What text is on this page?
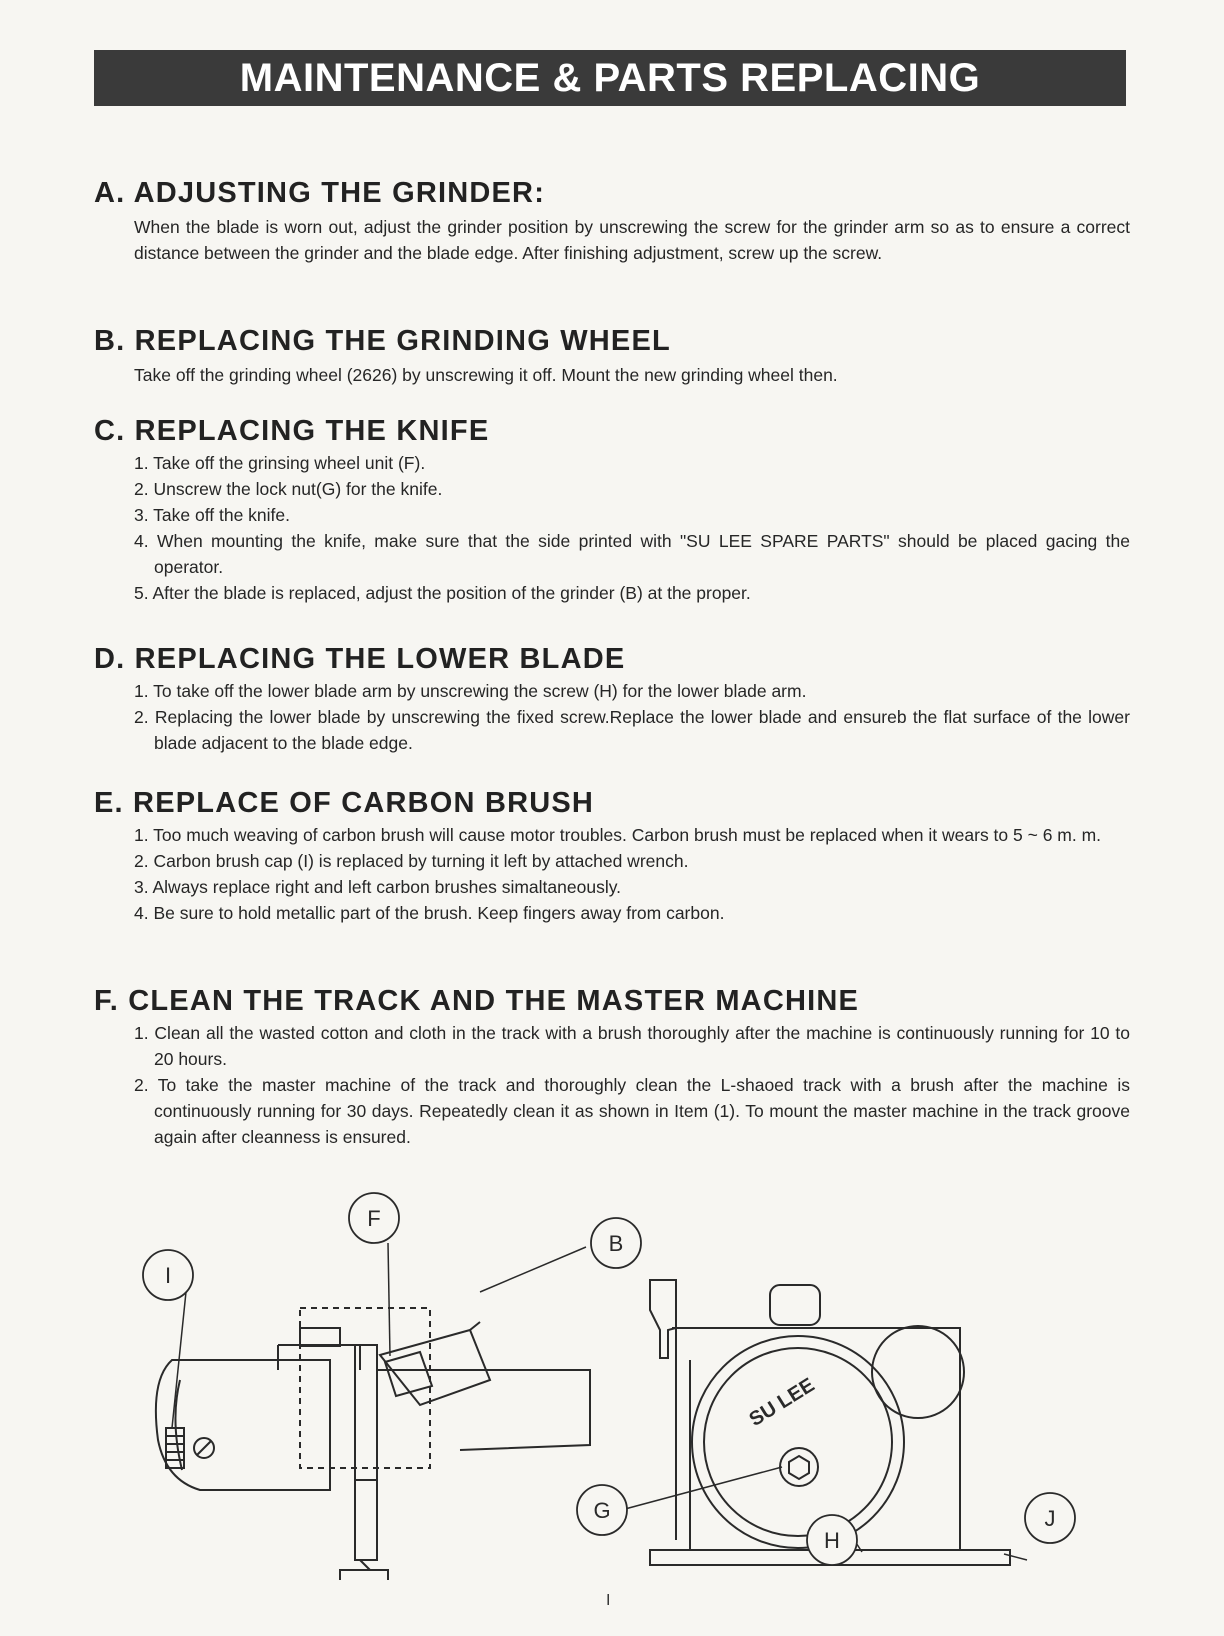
MAINTENANCE & PARTS REPLACING
A. ADJUSTING THE GRINDER:

When the blade is worn out, adjust the grinder position by unscrewing the screw for the grinder arm so as to ensure a correct distance between the grinder and the blade edge. After finishing adjustment, screw up the screw.

B. REPLACING THE GRINDING WHEEL

Take off the grinding wheel (2626) by unscrewing it off. Mount the new grinding wheel then.

C. REPLACING THE KNIFE
1. Take off the grinsing wheel unit (F).
2. Unscrew the lock nut(G) for the knife.
3. Take off the knife.
4. When mounting the knife, make sure that the side printed with "SU LEE SPARE PARTS" should be placed gacing the operator.
5. After the blade is replaced, adjust the position of the grinder (B) at the proper.
D. REPLACING THE LOWER BLADE
1. To take off the lower blade arm by unscrewing the screw (H) for the lower blade arm.
2. Replacing the lower blade by unscrewing the fixed screw.Replace the lower blade and ensureb the flat surface of the lower blade adjacent to the blade edge.
E. REPLACE OF CARBON BRUSH
1. Too much weaving of carbon brush will cause motor troubles. Carbon brush must be replaced when it wears to 5 ~ 6 m. m.
2. Carbon brush cap (I) is replaced by turning it left by attached wrench.
3. Always replace right and left carbon brushes simaltaneously.
4. Be sure to hold metallic part of the brush. Keep fingers away from carbon.
F. CLEAN THE TRACK AND THE MASTER MACHINE
1. Clean all the wasted cotton and cloth in the track with a brush thoroughly after the machine is continuously running for 10 to 20 hours.
2. To take the master machine of the track and thoroughly clean the L-shaoed track with a brush after the machine is continuously running for 30 days. Repeatedly clean it as shown in Item (1). To mount the master machine in the track groove again after cleanness is ensured.
SU LEE
F
B
I
G
H
J
I
